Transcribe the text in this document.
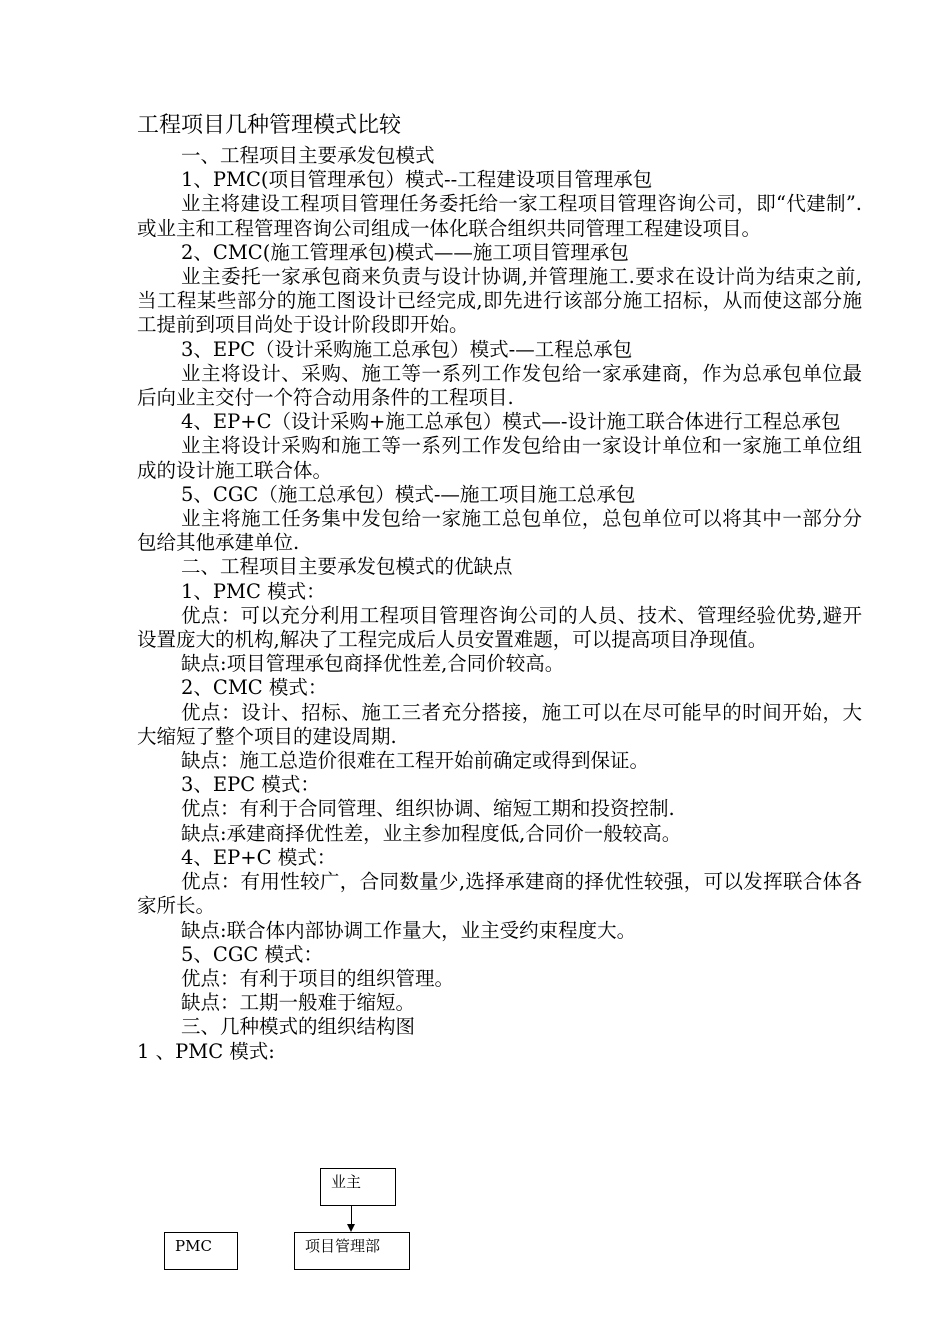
工程项目几种管理模式比较

一、工程项目主要承发包模式

1、PMC(项目管理承包）模式--工程建设项目管理承包

业主将建设工程项目管理任务委托给一家工程项目管理咨询公司，即“代建制”.或业主和工程管理咨询公司组成一体化联合组织共同管理工程建设项目。

2、CMC(施工管理承包)模式——施工项目管理承包

业主委托一家承包商来负责与设计协调,并管理施工.要求在设计尚为结束之前,当工程某些部分的施工图设计已经完成,即先进行该部分施工招标，从而使这部分施工提前到项目尚处于设计阶段即开始。

3、EPC（设计采购施工总承包）模式-—工程总承包

业主将设计、采购、施工等一系列工作发包给一家承建商，作为总承包单位最后向业主交付一个符合动用条件的工程项目.

4、EP+C（设计采购+施工总承包）模式—-设计施工联合体进行工程总承包

业主将设计采购和施工等一系列工作发包给由一家设计单位和一家施工单位组成的设计施工联合体。

5、CGC（施工总承包）模式-—施工项目施工总承包

业主将施工任务集中发包给一家施工总包单位，总包单位可以将其中一部分分包给其他承建单位.

二、工程项目主要承发包模式的优缺点

1、PMC 模式：

优点：可以充分利用工程项目管理咨询公司的人员、技术、管理经验优势,避开设置庞大的机构,解决了工程完成后人员安置难题，可以提高项目净现值。

缺点:项目管理承包商择优性差,合同价较高。

2、CMC 模式：

优点：设计、招标、施工三者充分搭接，施工可以在尽可能早的时间开始，大大缩短了整个项目的建设周期.

缺点：施工总造价很难在工程开始前确定或得到保证。

3、EPC 模式：

优点：有利于合同管理、组织协调、缩短工期和投资控制.

缺点:承建商择优性差，业主参加程度低,合同价一般较高。

4、EP+C 模式：

优点：有用性较广，合同数量少,选择承建商的择优性较强，可以发挥联合体各家所长。

缺点:联合体内部协调工作量大，业主受约束程度大。

5、CGC 模式：

优点：有利于项目的组织管理。

缺点：工期一般难于缩短。

三、几种模式的组织结构图

1 、PMC 模式:

业主
PMC	项目管理部
